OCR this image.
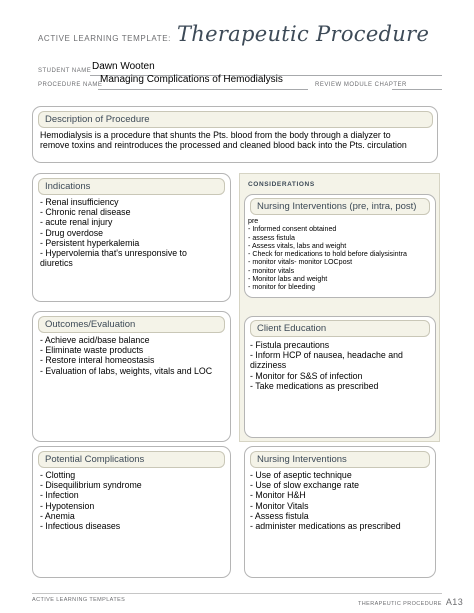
ACTIVE LEARNING TEMPLATE: Therapeutic Procedure
STUDENT NAME Dawn Wooten
PROCEDURE NAME
Managing Complications of Hemodialysis	REVIEW MODULE CHAPTER
Description of Procedure
Hemodialysis is a procedure that shunts the Pts. blood from the body through a dialyzer to
remove toxins and reintroduces the processed and cleaned blood back into the Pts. circulation
Indications
- Renal insufficiency
- Chronic renal disease
- acute renal injury
- Drug overdose
- Persistent hyperkalemia
- Hypervolemia that's unresponsive to
diuretics
CONSIDERATIONS
Nursing Interventions (pre, intra, post)
pre
- Informed consent obtained
- assess fistula
- Assess vitals, labs and weight
- Check for medications to hold before dialysisintra
- monitor vitals- monitor LOCpost
- monitor vitals
- Monitor labs and weight
- monitor for bleeding
Outcomes/Evaluation
- Achieve acid/base balance
- Eliminate waste products
- Restore interal homeostasis
- Evaluation of labs, weights, vitals and LOC
Client Education
- Fistula precautions
- Inform HCP of nausea, headache and
dizziness
- Monitor for S&S of infection
- Take medications as prescribed
Potential Complications
- Clotting
- Disequilibrium syndrome
- Infection
- Hypotension
- Anemia
- Infectious diseases
Nursing Interventions
- Use of aseptic technique
- Use of slow exchange rate
- Monitor H&H
- Monitor Vitals
- Assess fistula
- administer medications as prescribed
ACTIVE LEARNING TEMPLATES
THERAPEUTIC PROCEDURE A13
